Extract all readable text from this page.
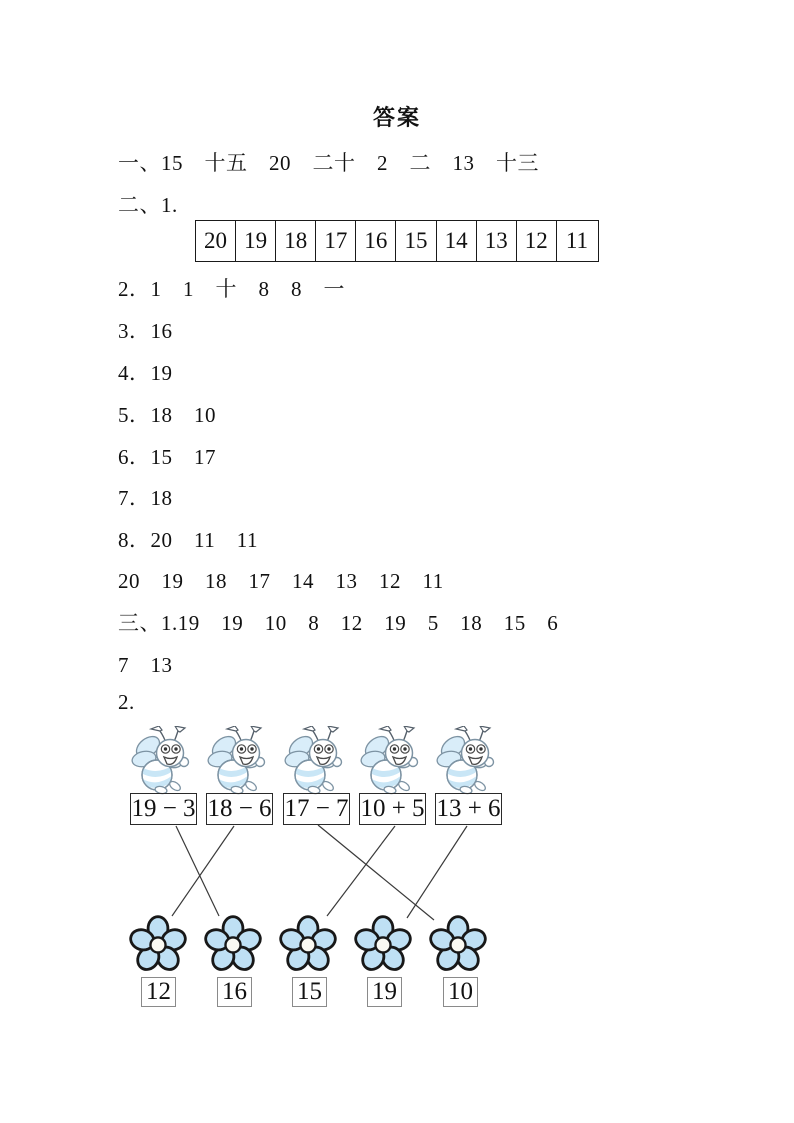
答案
一、15　十五　20　二十　2　二　13　十三
二、1.
20 19 18 17 16 15 14 13 12 11
2．1　1　十　8　8　一
3．16
4．19
5．18　10
6．15　17
7．18
8．20　11　11
20　19　18　17　14　13　12　11
三、1.19　19　10　8　12　19　5　18　15　6
7　13
2.
19 − 3 18 − 6 17 − 7 10 + 5 13 + 6
12 16 15 19 10
